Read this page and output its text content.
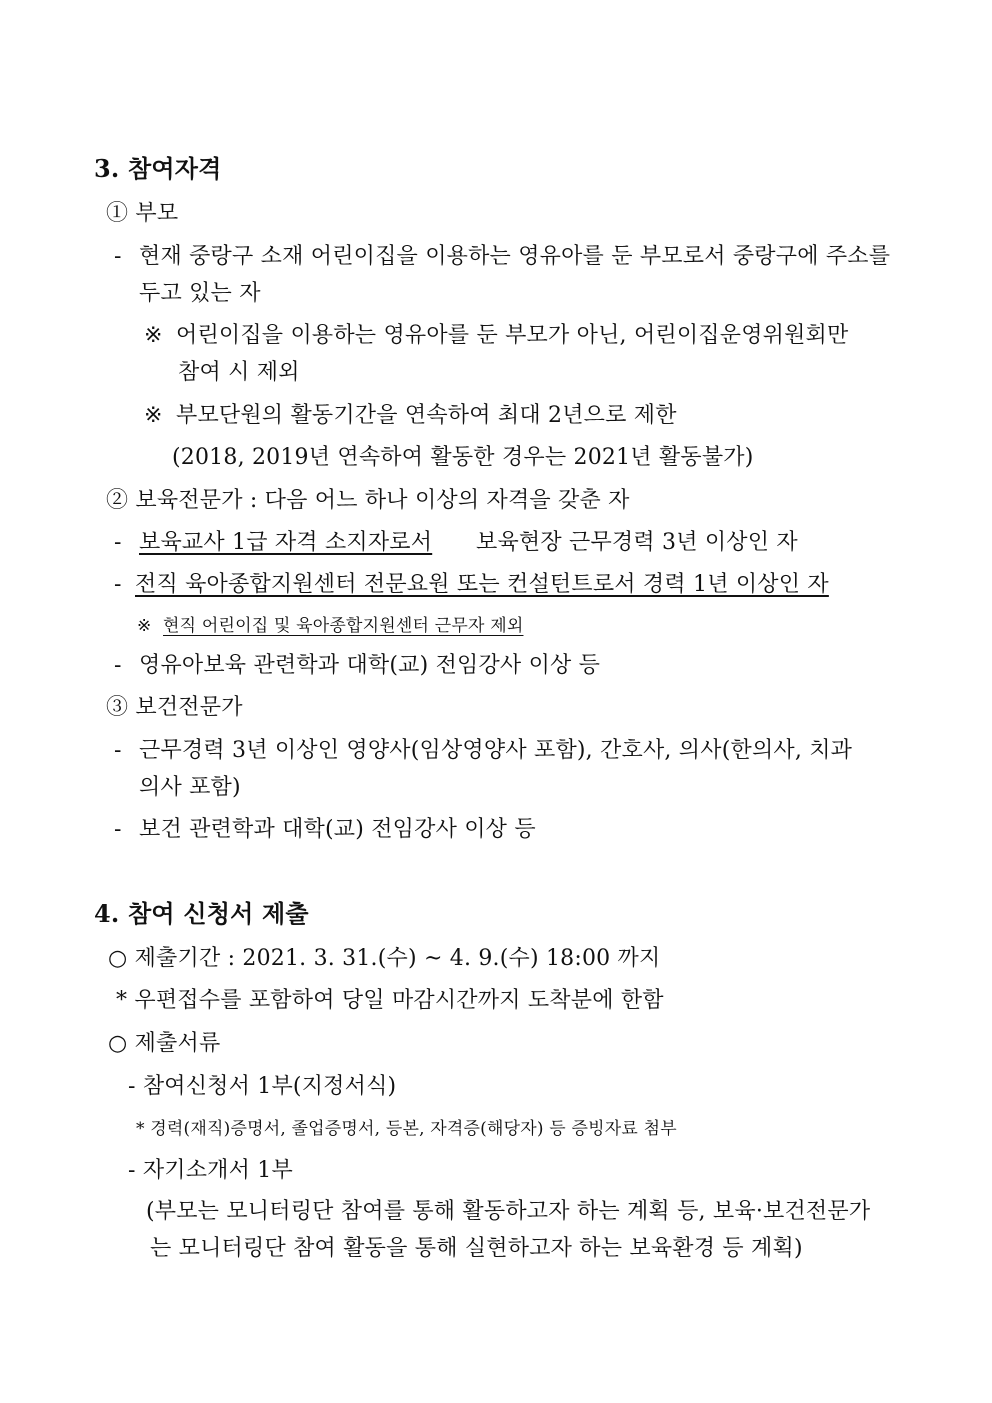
3. 참여자격
① 부모
- 현재 중랑구 소재 어린이집을 이용하는 영유아를 둔 부모로서 중랑구에 주소를
두고 있는 자
※ 어린이집을 이용하는 영유아를 둔 부모가 아닌, 어린이집운영위원회만
참여 시 제외
※ 부모단원의 활동기간을 연속하여 최대 2년으로 제한
(2018, 2019년 연속하여 활동한 경우는 2021년 활동불가)
② 보육전문가 : 다음 어느 하나 이상의 자격을 갖춘 자
- 보육교사 1급 자격 소지자로서 보육현장 근무경력 3년 이상인 자
- 전직 육아종합지원센터 전문요원 또는 컨설턴트로서 경력 1년 이상인 자
※ 현직 어린이집 및 육아종합지원센터 근무자 제외
- 영유아보육 관련학과 대학(교) 전임강사 이상 등
③ 보건전문가
- 근무경력 3년 이상인 영양사(임상영양사 포함), 간호사, 의사(한의사, 치과
의사 포함)
- 보건 관련학과 대학(교) 전임강사 이상 등
4. 참여 신청서 제출
○ 제출기간 : 2021. 3. 31.(수) ~ 4. 9.(수) 18:00 까지
* 우편접수를 포함하여 당일 마감시간까지 도착분에 한함
○ 제출서류
- 참여신청서 1부(지정서식)
* 경력(재직)증명서, 졸업증명서, 등본, 자격증(해당자) 등 증빙자료 첨부
- 자기소개서 1부
(부모는 모니터링단 참여를 통해 활동하고자 하는 계획 등, 보육·보건전문가
는 모니터링단 참여 활동을 통해 실현하고자 하는 보육환경 등 계획)
